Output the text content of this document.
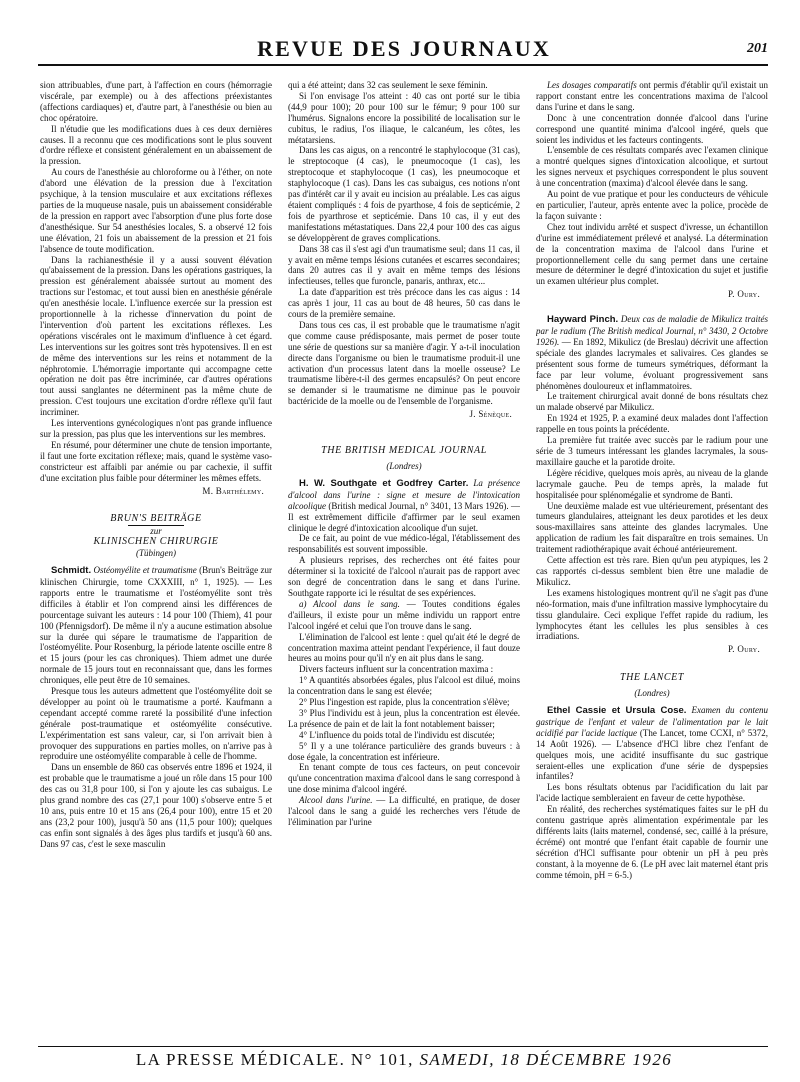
REVUE DES JOURNAUX	201

sion attribuables, d'une part, à l'affection en cours (hémorragie viscérale, par exemple) ou à des affections préexistantes (affections cardiaques) et, d'autre part, à l'anesthésie ou bien au choc opératoire.

Il n'étudie que les modifications dues à ces deux dernières causes. Il a reconnu que ces modifications sont le plus souvent d'ordre réflexe et consistent généralement en un abaissement de la pression.

Au cours de l'anesthésie au chloroforme ou à l'éther, on note d'abord une élévation de la pression due à l'excitation psychique, à la tension musculaire et aux excitations réflexes parties de la muqueuse nasale, puis un abaissement considérable de la pression en rapport avec l'absorption d'une plus forte dose d'anesthésique. Sur 54 anesthésies locales, S. a observé 12 fois une élévation, 21 fois un abaissement de la pression et 21 fois l'absence de toute modification.

Dans la rachianesthésie il y a aussi souvent élévation qu'abaissement de la pression. Dans les opérations gastriques, la pression est généralement abaissée surtout au moment des tractions sur l'estomac, et tout aussi bien en anesthésie générale qu'en anesthésie locale. L'influence exercée sur la pression est proportionnelle à la richesse d'innervation du point de l'intervention d'où partent les excitations réflexes. Les opérations viscérales ont le maximum d'influence à cet égard. Les interventions sur les goitres sont très hypotensives. Il en est de même des interventions sur les reins et notamment de la néphrotomie. L'hémorragie importante qui accompagne cette opération ne doit pas être incriminée, car d'autres opérations tout aussi sanglantes ne déterminent pas la même chute de pression. C'est toujours une excitation d'ordre réflexe qu'il faut incriminer.

Les interventions gynécologiques n'ont pas grande influence sur la pression, pas plus que les interventions sur les membres.

En résumé, pour déterminer une chute de tension importante, il faut une forte excitation réflexe; mais, quand le système vaso-constricteur est affaibli par anémie ou par cachexie, il suffit d'une excitation plus faible pour déterminer les mêmes effets.

M. Barthélemy.

BRUN'S BEITRÄGE

zur

KLINISCHEN CHIRURGIE

(Tübingen)

Schmidt. Ostéomyélite et traumatisme (Brun's Beiträge zur klinischen Chirurgie, tome CXXXIII, n° 1, 1925). — Les rapports entre le traumatisme et l'ostéomyélite sont très difficiles à établir et l'on comprend ainsi les différences de pourcentage suivant les auteurs : 14 pour 100 (Thiem), 41 pour 100 (Pfennigsdorf). De même il n'y a aucune estimation absolue sur la durée qui sépare le traumatisme de l'apparition de l'ostéomyélite. Pour Rosenburg, la période latente oscille entre 8 et 15 jours (pour les cas chroniques). Thiem admet une durée normale de 15 jours tout en reconnaissant que, dans les formes chroniques, elle peut être de 10 semaines.

Presque tous les auteurs admettent que l'ostéomyélite doit se développer au point où le traumatisme a porté. Kaufmann a cependant accepté comme rareté la possibilité d'une infection générale post-traumatique et ostéomyélite consécutive. L'expérimentation est sans valeur, car, si l'on arrivait bien à provoquer des suppurations en parties molles, on n'arrive pas à reproduire une ostéomyélite comparable à celle de l'homme.

Dans un ensemble de 860 cas observés entre 1896 et 1924, il est probable que le traumatisme a joué un rôle dans 15 pour 100 des cas ou 31,8 pour 100, si l'on y ajoute les cas subaigus. Le plus grand nombre des cas (27,1 pour 100) s'observe entre 5 et 10 ans, puis entre 10 et 15 ans (26,4 pour 100), entre 15 et 20 ans (23,2 pour 100), jusqu'à 50 ans (11,5 pour 100); quelques cas enfin sont signalés à des âges plus tardifs et jusqu'à 60 ans. Dans 97 cas, c'est le sexe masculin

qui a été atteint; dans 32 cas seulement le sexe féminin.

Si l'on envisage l'os atteint : 40 cas ont porté sur le tibia (44,9 pour 100); 20 pour 100 sur le fémur; 9 pour 100 sur l'humérus. Signalons encore la possibilité de localisation sur le cubitus, le radius, l'os iliaque, le calcanéum, les côtes, les métatarsiens.

Dans les cas aigus, on a rencontré le staphylocoque (31 cas), le streptocoque (4 cas), le pneumocoque (1 cas), les streptocoque et staphylocoque (1 cas), les pneumocoque et staphylocoque (1 cas). Dans les cas subaigus, ces notions n'ont pas d'intérêt car il y avait eu incision au préalable. Les cas aigus étaient compliqués : 4 fois de pyarthose, 4 fois de septicémie, 2 fois de pyarthrose et septicémie. Dans 10 cas, il y eut des manifestations métastatiques. Dans 22,4 pour 100 des cas aigus se développèrent de graves complications.

Dans 38 cas il s'est agi d'un traumatisme seul; dans 11 cas, il y avait en même temps lésions cutanées et escarres secondaires; dans 20 autres cas il y avait en même temps des lésions infectieuses, telles que furoncle, panaris, anthrax, etc...

La date d'apparition est très précoce dans les cas aigus : 14 cas après 1 jour, 11 cas au bout de 48 heures, 50 cas dans le cours de la première semaine.

Dans tous ces cas, il est probable que le traumatisme n'agit que comme cause prédisposante, mais permet de poser toute une série de questions sur sa manière d'agir. Y a-t-il inoculation directe dans l'organisme ou bien le traumatisme produit-il une activation d'un processus latent dans la moelle osseuse? Le traumatisme libère-t-il des germes encapsulés? On peut encore se demander si le traumatisme ne diminue pas le pouvoir bactéricide de la moelle ou de l'ensemble de l'organisme.

J. Sénèque.

THE BRITISH MEDICAL JOURNAL

(Londres)

H. W. Southgate et Godfrey Carter. La présence d'alcool dans l'urine : signe et mesure de l'intoxication alcoolique (British medical Journal, n° 3401, 13 Mars 1926). — Il est extrêmement difficile d'affirmer par le seul examen clinique le degré d'intoxication alcoolique d'un sujet.

De ce fait, au point de vue médico-légal, l'établissement des responsabilités est souvent impossible.

A plusieurs reprises, des recherches ont été faites pour déterminer si la toxicité de l'alcool n'aurait pas de rapport avec son degré de concentration dans le sang et dans l'urine. Southgate rapporte ici le résultat de ses expériences.

a) Alcool dans le sang. — Toutes conditions égales d'ailleurs, il existe pour un même individu un rapport entre l'alcool ingéré et celui que l'on trouve dans le sang.

L'élimination de l'alcool est lente : quel qu'ait été le degré de concentration maxima atteint pendant l'expérience, il faut douze heures au moins pour qu'il n'y en ait plus dans le sang.

Divers facteurs influent sur la concentration maxima :

1° A quantités absorbées égales, plus l'alcool est dilué, moins la concentration dans le sang est élevée;

2° Plus l'ingestion est rapide, plus la concentration s'élève;

3° Plus l'individu est à jeun, plus la concentration est élevée. La présence de pain et de lait la font notablement baisser;

4° L'influence du poids total de l'individu est discutée;

5° Il y a une tolérance particulière des grands buveurs : à dose égale, la concentration est inférieure.

En tenant compte de tous ces facteurs, on peut concevoir qu'une concentration maxima d'alcool dans le sang correspond à une dose minima d'alcool ingéré.

Alcool dans l'urine. — La difficulté, en pratique, de doser l'alcool dans le sang a guidé les recherches vers l'étude de l'élimination par l'urine

Les dosages comparatifs ont permis d'établir qu'il existait un rapport constant entre les concentrations maxima de l'alcool dans l'urine et dans le sang.

Donc à une concentration donnée d'alcool dans l'urine correspond une quantité minima d'alcool ingéré, quels que soient les individus et les facteurs contingents.

L'ensemble de ces résultats comparés avec l'examen clinique a montré quelques signes d'intoxication alcoolique, et surtout les signes nerveux et psychiques correspondent le plus souvent à une concentration (maxima) d'alcool élevée dans le sang.

Au point de vue pratique et pour les conducteurs de véhicule en particulier, l'auteur, après entente avec la police, procède de la façon suivante :

Chez tout individu arrêté et suspect d'ivresse, un échantillon d'urine est immédiatement prélevé et analysé. La détermination de la concentration maxima de l'alcool dans l'urine et proportionnellement celle du sang permet dans une certaine mesure de déterminer le degré d'intoxication du sujet et justifie un examen ultérieur plus complet.

P. Oury.

Hayward Pinch. Deux cas de maladie de Mikulicz traités par le radium (The British medical Journal, n° 3430, 2 Octobre 1926). — En 1892, Mikulicz (de Breslau) décrivit une affection spéciale des glandes lacrymales et salivaires. Ces glandes se présentent sous forme de tumeurs symétriques, déformant la face par leur volume, évoluant progressivement sans phénomènes douloureux et inflammatoires.

Le traitement chirurgical avait donné de bons résultats chez un malade observé par Mikulicz.

En 1924 et 1925, P. a examiné deux malades dont l'affection rappelle en tous points la précédente.

La première fut traitée avec succès par le radium pour une série de 3 tumeurs intéressant les glandes lacrymales, la sous-maxillaire gauche et la parotide droite.

Légère récidive, quelques mois après, au niveau de la glande lacrymale gauche. Peu de temps après, la malade fut hospitalisée pour splénomégalie et syndrome de Banti.

Une deuxième malade est vue ultérieurement, présentant des tumeurs glandulaires, atteignant les deux parotides et les deux sous-maxillaires sans atteinte des glandes lacrymales. Une application de radium les fait disparaître en trois semaines. Un traitement radiothérapique avait échoué antérieurement.

Cette affection est très rare. Bien qu'un peu atypiques, les 2 cas rapportés ci-dessus semblent bien être une maladie de Mikulicz.

Les examens histologiques montrent qu'il ne s'agit pas d'une néo-formation, mais d'une infiltration massive lymphocytaire du tissu glandulaire. Ceci explique l'effet rapide du radium, les lymphocytes étant les cellules les plus sensibles à ces irradiations.

P. Oury.

THE LANCET

(Londres)

Ethel Cassie et Ursula Cose. Examen du contenu gastrique de l'enfant et valeur de l'alimentation par le lait acidifié par l'acide lactique (The Lancet, tome CCXI, n° 5372, 14 Août 1926). — L'absence d'HCl libre chez l'enfant de quelques mois, une acidité insuffisante du suc gastrique seraient-elles une explication d'une série de dyspepsies infantiles?

Les bons résultats obtenus par l'acidification du lait par l'acide lactique sembleraient en faveur de cette hypothèse.

En réalité, des recherches systématiques faites sur le pH du contenu gastrique après alimentation expérimentale par les différents laits (laits maternel, condensé, sec, caillé à la présure, écrémé) ont montré que l'enfant était capable de fournir une sécrétion d'HCl suffisante pour obtenir un pH à peu près constant, à la moyenne de 6. (Le pH avec lait maternel étant pris comme témoin, pH = 6-5.)

LA PRESSE MÉDICALE. N° 101, SAMEDI, 18 DÉCEMBRE 1926
